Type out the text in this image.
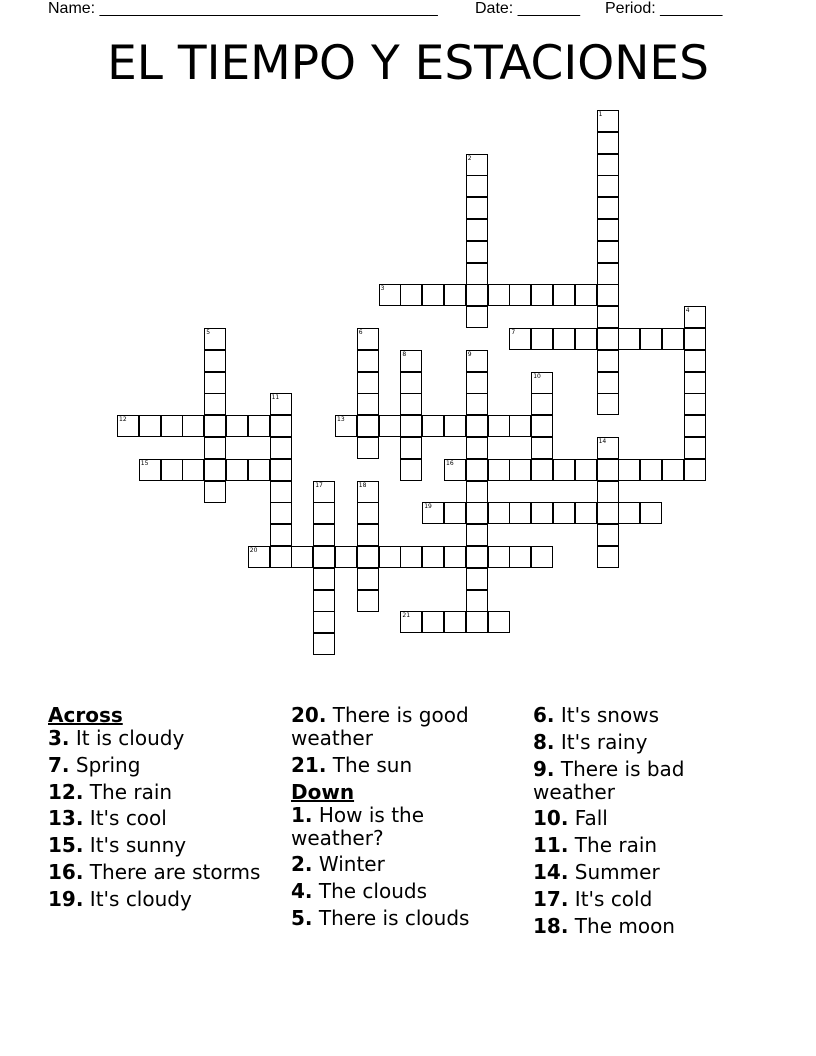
Name: ______________________________________ Date: _______ Period: _______
EL TIEMPO Y ESTACIONES
1
2
3
4
5	6	7
8	9
10
11
12	13
14
15	16
17	18
19
20
21
Across
3. It is cloudy
7. Spring
12. The rain
13. It's cool
15. It's sunny
16. There are storms
19. It's cloudy
20. There is good weather
21. The sun
Down
1. How is the weather?
2. Winter
4. The clouds
5. There is clouds
6. It's snows
8. It's rainy
9. There is bad weather
10. Fall
11. The rain
14. Summer
17. It's cold
18. The moon
